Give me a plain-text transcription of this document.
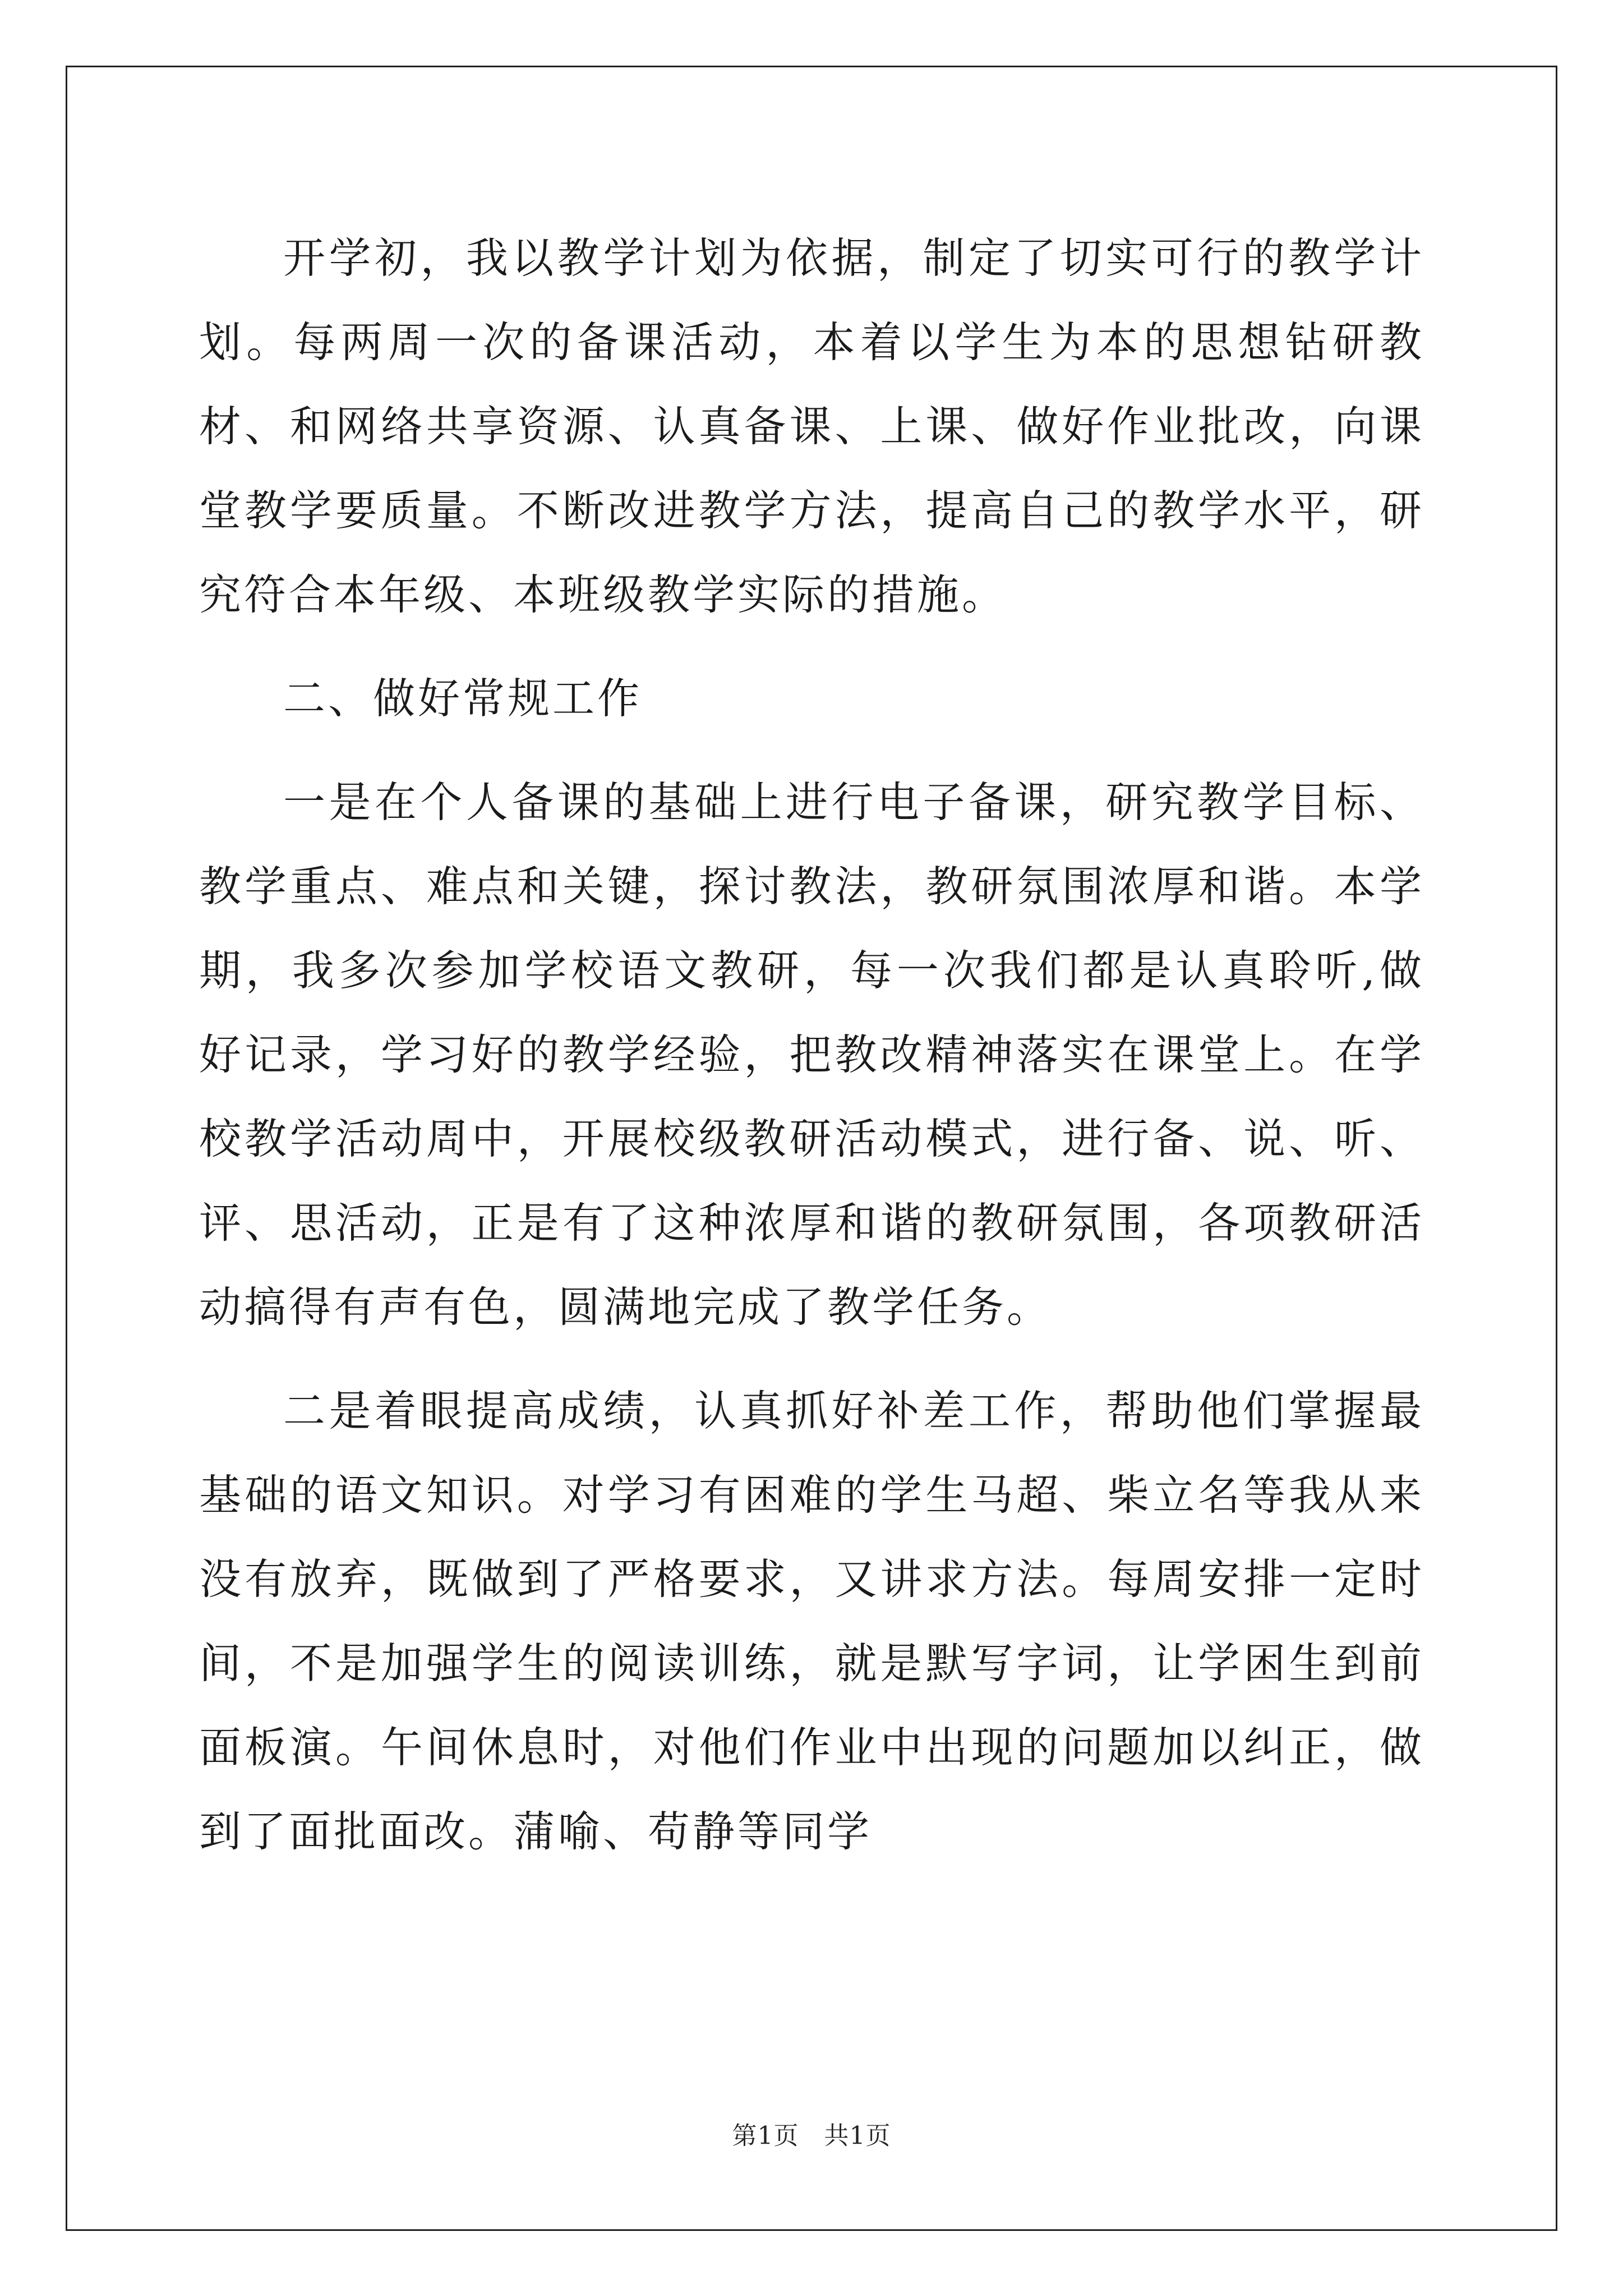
开学初，我以教学计划为依据，制定了切实可行的教学计划。每两周一次的备课活动，本着以学生为本的思想钻研教材、和网络共享资源、认真备课、上课、做好作业批改，向课堂教学要质量。不断改进教学方法，提高自己的教学水平，研究符合本年级、本班级教学实际的措施。

二、做好常规工作

一是在个人备课的基础上进行电子备课，研究教学目标、教学重点、难点和关键，探讨教法，教研氛围浓厚和谐。本学期，我多次参加学校语文教研，每一次我们都是认真聆听,做好记录，学习好的教学经验，把教改精神落实在课堂上。在学校教学活动周中，开展校级教研活动模式，进行备、说、听、评、思活动，正是有了这种浓厚和谐的教研氛围，各项教研活动搞得有声有色，圆满地完成了教学任务。

二是着眼提高成绩，认真抓好补差工作，帮助他们掌握最基础的语文知识。对学习有困难的学生马超、柴立名等我从来没有放弃，既做到了严格要求，又讲求方法。每周安排一定时间，不是加强学生的阅读训练，就是默写字词，让学困生到前面板演。午间休息时，对他们作业中出现的问题加以纠正，做到了面批面改。蒲喻、苟静等同学

第1页　共1页
